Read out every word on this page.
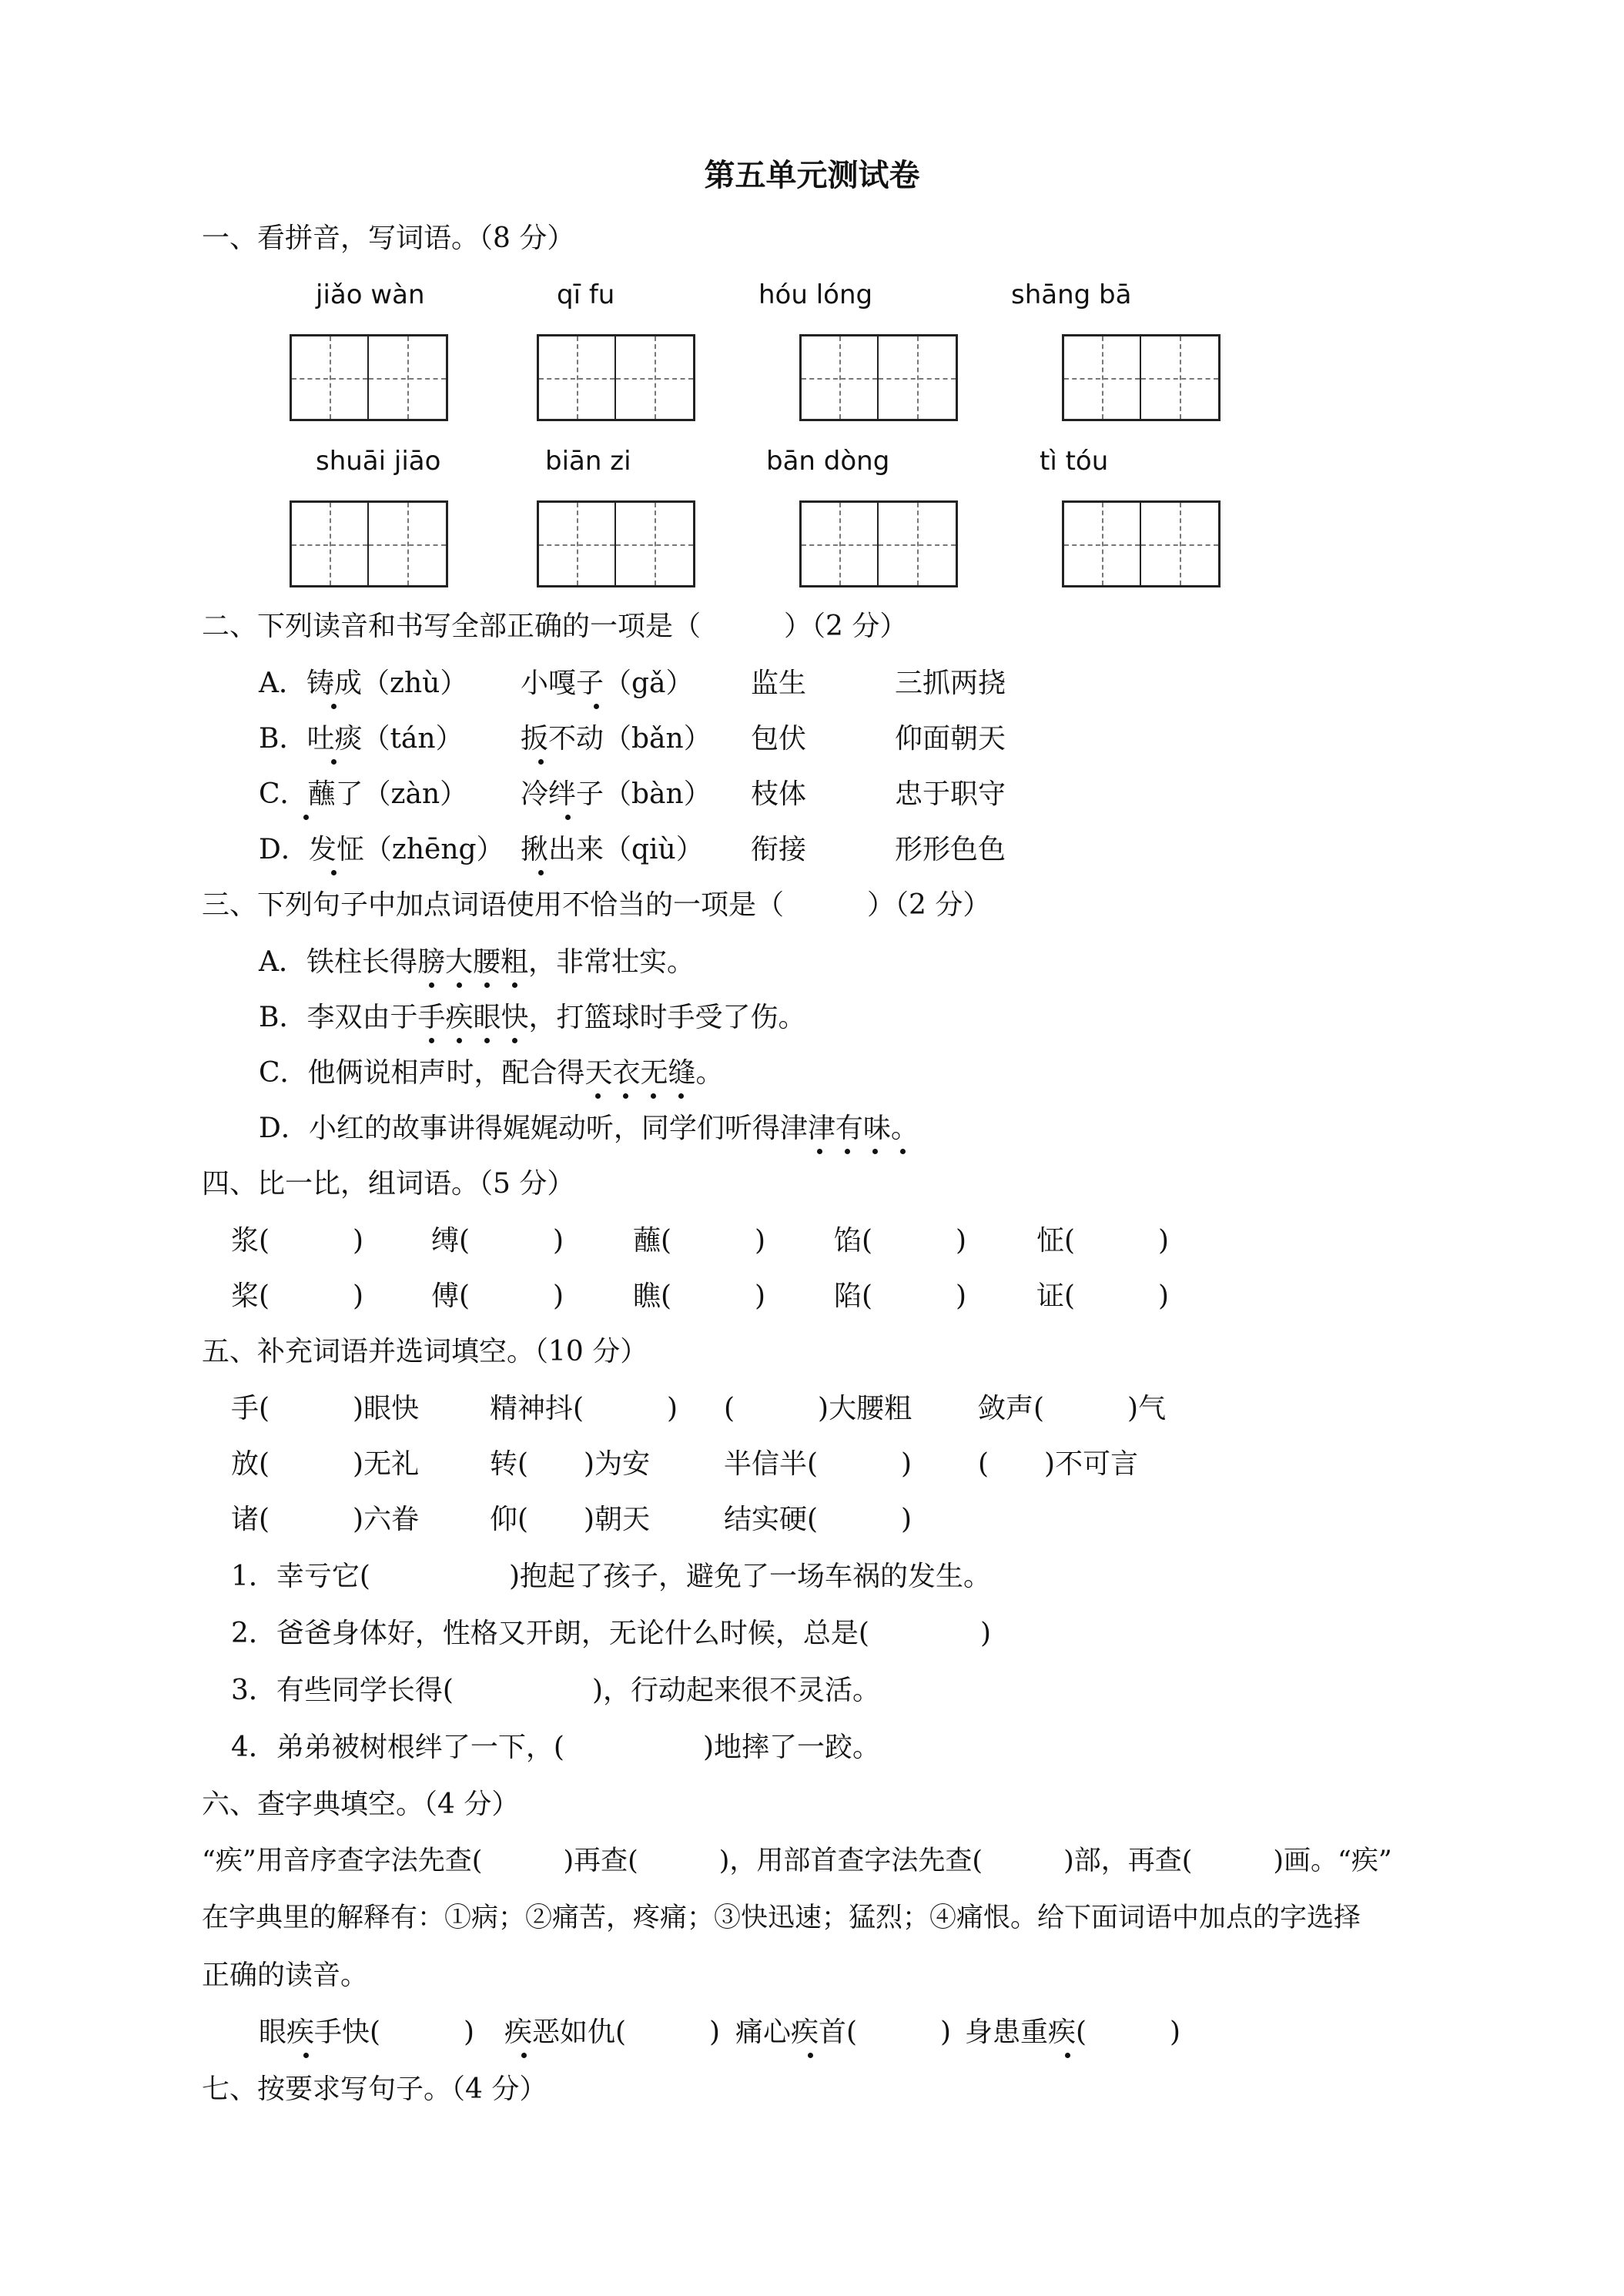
第五单元测试卷
一、看拼音，写词语。（8 分）
jiǎo wàn	qī fu	hóu lóng	shāng bā
shuāi jiāo	biān zi	bān dòng	tì tóu
二、下列读音和书写全部正确的一项是（　　　）（2 分）
A．铸成（zhù） 小嘎子（gǎ） 监生	三抓两挠
B．吐痰（tán） 扳不动（bǎn） 包伏	仰面朝天
C．蘸了（zàn） 冷绊子（bàn） 枝体	忠于职守
D．发怔（zhēng） 揪出来（qiù） 衔接	形形色色
三、下列句子中加点词语使用不恰当的一项是（　　　）（2 分）
A．铁柱长得膀大腰粗，非常壮实。
B．李双由于手疾眼快，打篮球时手受了伤。
C．他俩说相声时，配合得天衣无缝。
D．小红的故事讲得娓娓动听，同学们听得津津有味。
四、比一比，组词语。（5 分）
浆(　　　) 缚(　　　) 蘸(　　　) 馅(　　　)	怔(　　　)
桨(　　　) 傅(　　　) 瞧(　　　) 陷(　　　)	证(　　　)
五、补充词语并选词填空。（10 分）
手(　　　)眼快	精神抖(　　　) (　　　)大腰粗 敛声(　　　)气
放(　　　)无礼	转(　　)为安	半信半(　　　) (　　)不可言
诸(　　　)六眷	仰(　　)朝天	结实硬(　　　)
1．幸亏它(　　　　　)抱起了孩子，避免了一场车祸的发生。
2．爸爸身体好，性格又开朗，无论什么时候，总是(　　　　)
3．有些同学长得(　　　　　)，行动起来很不灵活。
4．弟弟被树根绊了一下，(　　　　　)地摔了一跤。
六、查字典填空。（4 分）
“疾”用音序查字法先查(　　　)再查(　　　)，用部首查字法先查(　　　)部，再查(　　　)画。“疾”
在字典里的解释有：①病；②痛苦，疼痛；③快迅速；猛烈；④痛恨。给下面词语中加点的字选择
正确的读音。
眼疾手快(　　　) 疾恶如仇(　　　) 痛心疾首(　　　) 身患重疾(　　　)
七、按要求写句子。（4 分）
